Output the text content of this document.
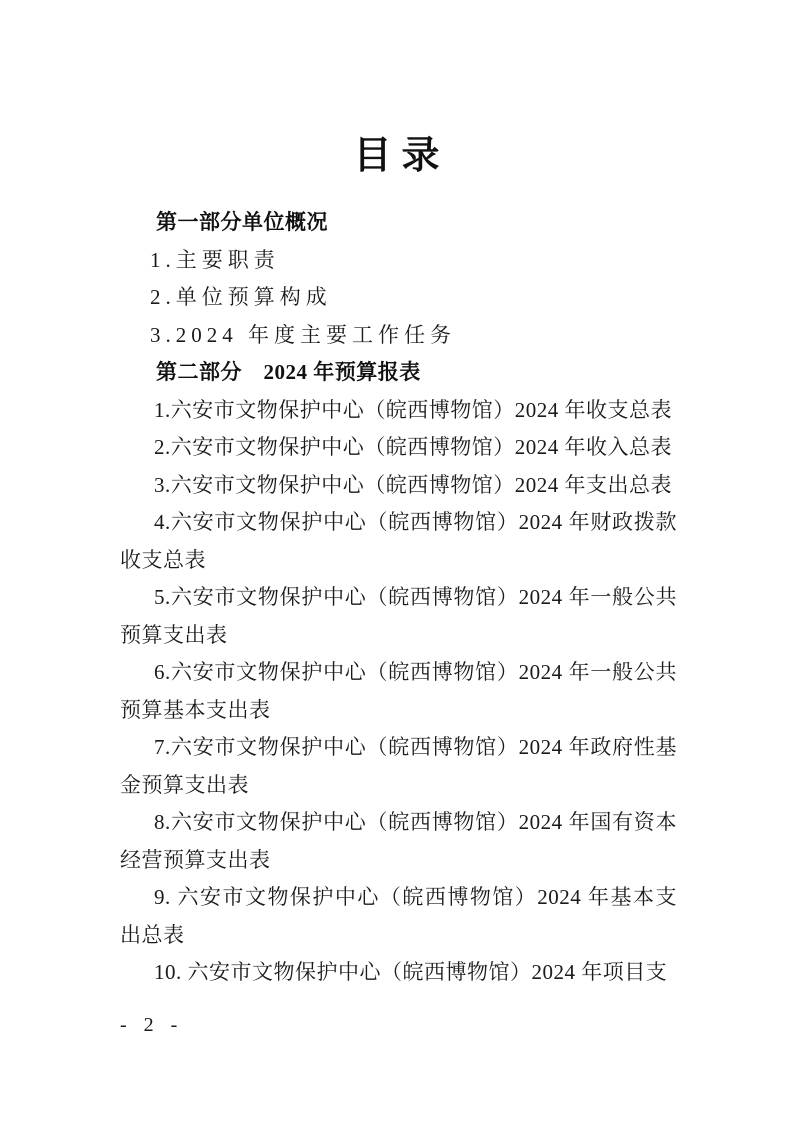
目录

第一部分单位概况

1.主要职责

2.单位预算构成

3.2024 年度主要工作任务

第二部分　2024 年预算报表

1.六安市文物保护中心（皖西博物馆）2024 年收支总表

2.六安市文物保护中心（皖西博物馆）2024 年收入总表

3.六安市文物保护中心（皖西博物馆）2024 年支出总表

4.六安市文物保护中心（皖西博物馆）2024 年财政拨款收支总表

5.六安市文物保护中心（皖西博物馆）2024 年一般公共预算支出表

6.六安市文物保护中心（皖西博物馆）2024 年一般公共预算基本支出表

7.六安市文物保护中心（皖西博物馆）2024 年政府性基金预算支出表

8.六安市文物保护中心（皖西博物馆）2024 年国有资本经营预算支出表

9. 六安市文物保护中心（皖西博物馆）2024 年基本支出总表

10. 六安市文物保护中心（皖西博物馆）2024 年项目支

- 2 -
